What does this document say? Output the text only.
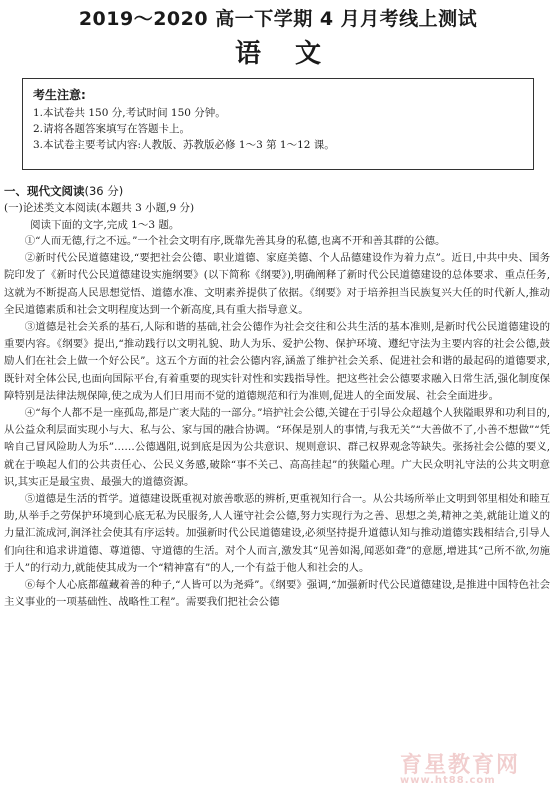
2019～2020 高一下学期 4 月月考线上测试
语文
考生注意:
1.本试卷共 150 分,考试时间 150 分钟。
2.请将各题答案填写在答题卡上。
3.本试卷主要考试内容:人教版、苏教版必修 1～3 第 1～12 课。
一、现代文阅读(36 分)
(一)论述类文本阅读(本题共 3 小题,9 分)
阅读下面的文字,完成 1～3 题。

①“人而无德,行之不远。”一个社会文明有序,既靠先善其身的私德,也离不开和善其群的公德。

②新时代公民道德建设,“要把社会公德、职业道德、家庭美德、个人品德建设作为着力点”。近日,中共中央、国务院印发了《新时代公民道德建设实施纲要》(以下简称《纲要》),明确阐释了新时代公民道德建设的总体要求、重点任务,这就为不断提高人民思想觉悟、道德水准、文明素养提供了依据。《纲要》对于培养担当民族复兴大任的时代新人,推动全民道德素质和社会文明程度达到一个新高度,具有重大指导意义。

③道德是社会关系的基石,人际和谐的基础,社会公德作为社会交往和公共生活的基本准则,是新时代公民道德建设的重要内容。《纲要》提出,“推动践行以文明礼貌、助人为乐、爱护公物、保护环境、遵纪守法为主要内容的社会公德,鼓励人们在社会上做一个好公民”。这五个方面的社会公德内容,涵盖了维护社会关系、促进社会和谐的最起码的道德要求,既针对全体公民,也面向国际平台,有着重要的现实针对性和实践指导性。把这些社会公德要求融入日常生活,强化制度保障特别是法律法规保障,使之成为人们日用而不觉的道德规范和行为准则,促进人的全面发展、社会全面进步。

④“每个人都不是一座孤岛,都是广袤大陆的一部分。”培护社会公德,关键在于引导公众超越个人狭隘眼界和功利目的,从公益众利层面实现小与大、私与公、家与国的融合协调。“环保是别人的事情,与我无关”“大善做不了,小善不想做”“凭啥自己冒风险助人为乐”……公德遇阻,说到底是因为公共意识、规则意识、群己权界观念等缺失。张扬社会公德的要义,就在于唤起人们的公共责任心、公民义务感,破除“事不关己、高高挂起”的狭隘心理。广大民众明礼守法的公共文明意识,其实正是最宝贵、最强大的道德资源。

⑤道德是生活的哲学。道德建设既重视对旅善歌恶的辨析,更重视知行合一。从公共场所举止文明到邻里相处和睦互助,从举手之劳保护环境到心底无私为民服务,人人谨守社会公德,努力实现行为之善、思想之美,精神之美,就能让道义的力量汇流成河,润泽社会使其有序运转。加强新时代公民道德建设,必须坚持提升道德认知与推动道德实践相结合,引导人们向往和追求讲道德、尊道德、守道德的生活。对个人而言,激发其“见善如渴,闻恶如聋”的意愿,增进其“己所不欲,勿施于人”的行动力,就能使其成为一个“精神富有”的人,一个有益于他人和社会的人。

⑥每个人心底都蕴藏着善的种子,“人皆可以为尧舜”。《纲要》强调,“加强新时代公民道德建设,是推进中国特色社会主义事业的一项基础性、战略性工程”。需要我们把社会公德

育星教育网
www.ht88.com
